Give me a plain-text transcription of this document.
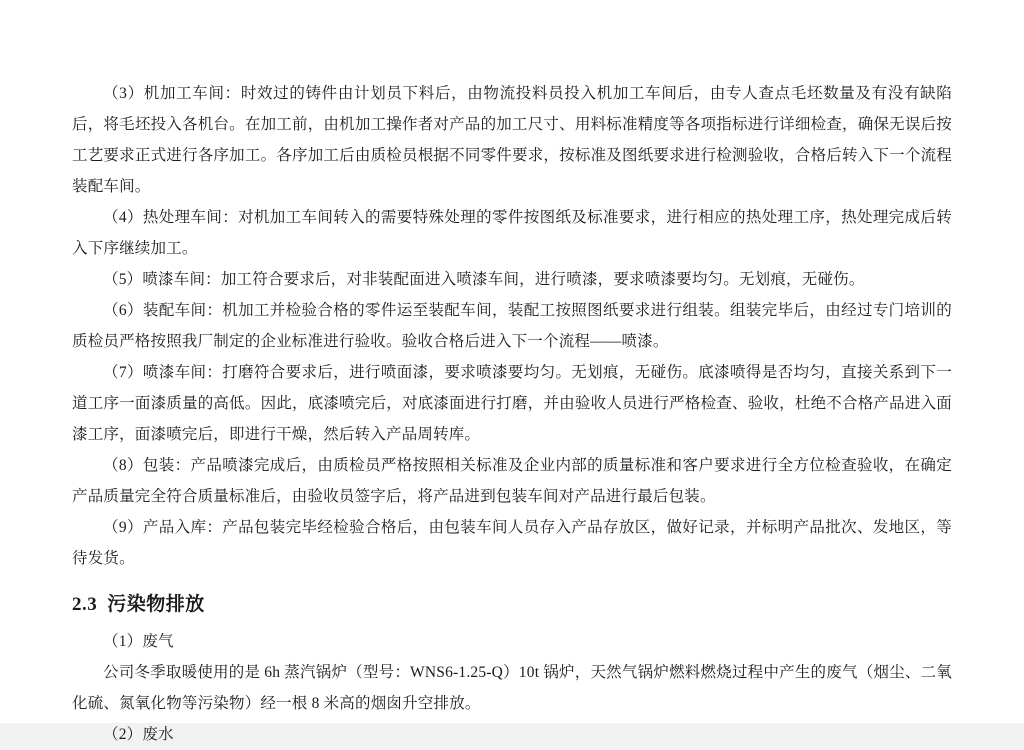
（3）机加工车间：时效过的铸件由计划员下料后，由物流投料员投入机加工车间后，由专人查点毛坯数量及有没有缺陷后，将毛坯投入各机台。在加工前，由机加工操作者对产品的加工尺寸、用料标准精度等各项指标进行详细检查，确保无误后按工艺要求正式进行各序加工。各序加工后由质检员根据不同零件要求，按标准及图纸要求进行检测验收，合格后转入下一个流程装配车间。

（4）热处理车间：对机加工车间转入的需要特殊处理的零件按图纸及标准要求，进行相应的热处理工序，热处理完成后转入下序继续加工。

（5）喷漆车间：加工符合要求后，对非装配面进入喷漆车间，进行喷漆，要求喷漆要均匀。无划痕，无碰伤。

（6）装配车间：机加工并检验合格的零件运至装配车间，装配工按照图纸要求进行组装。组装完毕后，由经过专门培训的质检员严格按照我厂制定的企业标准进行验收。验收合格后进入下一个流程——喷漆。

（7）喷漆车间：打磨符合要求后，进行喷面漆，要求喷漆要均匀。无划痕，无碰伤。底漆喷得是否均匀，直接关系到下一道工序一面漆质量的高低。因此，底漆喷完后，对底漆面进行打磨，并由验收人员进行严格检查、验收，杜绝不合格产品进入面漆工序，面漆喷完后，即进行干燥，然后转入产品周转库。

（8）包装：产品喷漆完成后，由质检员严格按照相关标准及企业内部的质量标准和客户要求进行全方位检查验收，在确定产品质量完全符合质量标准后，由验收员签字后，将产品进到包装车间对产品进行最后包装。

（9）产品入库：产品包装完毕经检验合格后，由包装车间人员存入产品存放区，做好记录，并标明产品批次、发地区，等待发货。

2.3 污染物排放

（1）废气

公司冬季取暖使用的是 6h 蒸汽锅炉（型号：WNS6-1.25-Q）10t 锅炉，天然气锅炉燃料燃烧过程中产生的废气（烟尘、二氧化硫、氮氧化物等污染物）经一根 8 米高的烟囱升空排放。

（2）废水
